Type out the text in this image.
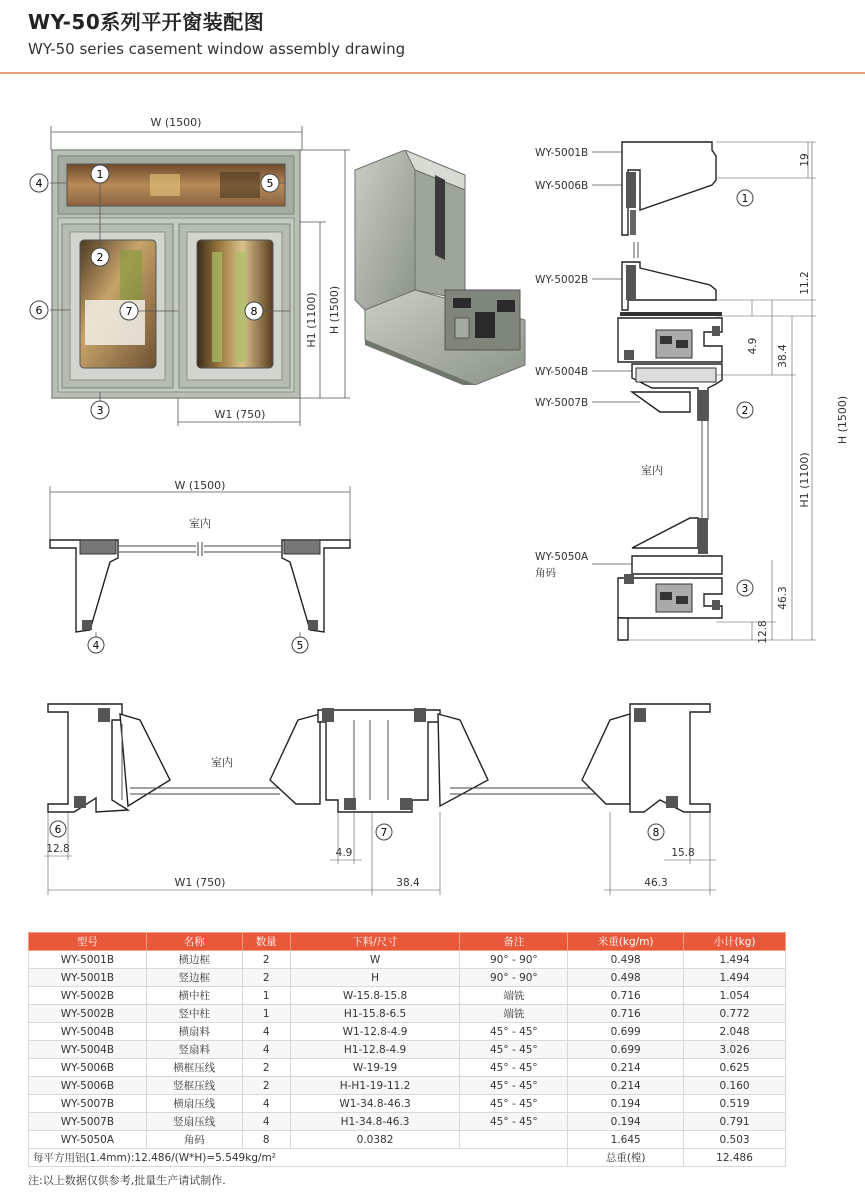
WY-50系列平开窗装配图
WY-50 series casement window assembly drawing
W (1500)
H (1500)
H1 (1100)
W1 (750)
4
1
5
2
6	7	8
3
WY-5001B
WY-5006B
WY-5002B
WY-5004B
WY-5007B
WY-5050A
角码
室内
19
11.2
4.9 38.4
46.3
12.8
H (1500)
H1 (1100)
1
2
3
W (1500)
室内
4	5
室内
12.8	4.9
W1 (750)	38.4
15.8
46.3
6	7	8
型号	名称	数量	下料/尺寸	备注	米重(kg/m)	小计(kg)
WY-5001B	横边框	2	W	90° - 90°	0.498	1.494
WY-5001B	竖边框	2	H	90° - 90°	0.498	1.494
WY-5002B	横中柱	1	W-15.8-15.8	端铣	0.716	1.054
WY-5002B	竖中柱	1	H1-15.8-6.5	端铣	0.716	0.772
WY-5004B	横扇料	4	W1-12.8-4.9	45° - 45°	0.699	2.048
WY-5004B	竖扇料	4	H1-12.8-4.9	45° - 45°	0.699	3.026
WY-5006B	横框压线	2	W-19-19	45° - 45°	0.214	0.625
WY-5006B	竖框压线	2	H-H1-19-11.2	45° - 45°	0.214	0.160
WY-5007B	横扇压线	4	W1-34.8-46.3	45° - 45°	0.194	0.519
WY-5007B	竖扇压线	4	H1-34.8-46.3	45° - 45°	0.194	0.791
WY-5050A	角码	8	0.0382		1.645	0.503
每平方用铝(1.4mm):12.486/(W*H)=5.549kg/m²					总重(樘)	12.486
注:以上数据仅供参考,批量生产请试制作.
